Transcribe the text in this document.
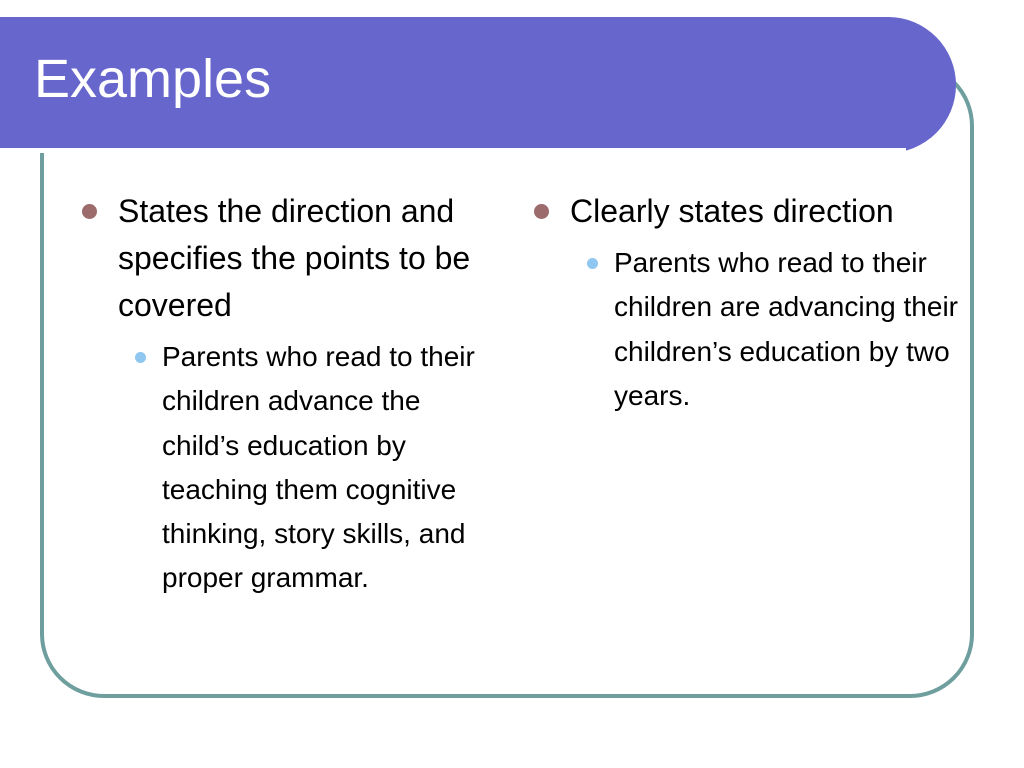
Examples
States the direction and specifies the points to be covered
Parents who read to their children advance the child’s education by teaching them cognitive thinking, story skills, and proper grammar.
Clearly states direction
Parents who read to their children are advancing their children’s education by two years.
